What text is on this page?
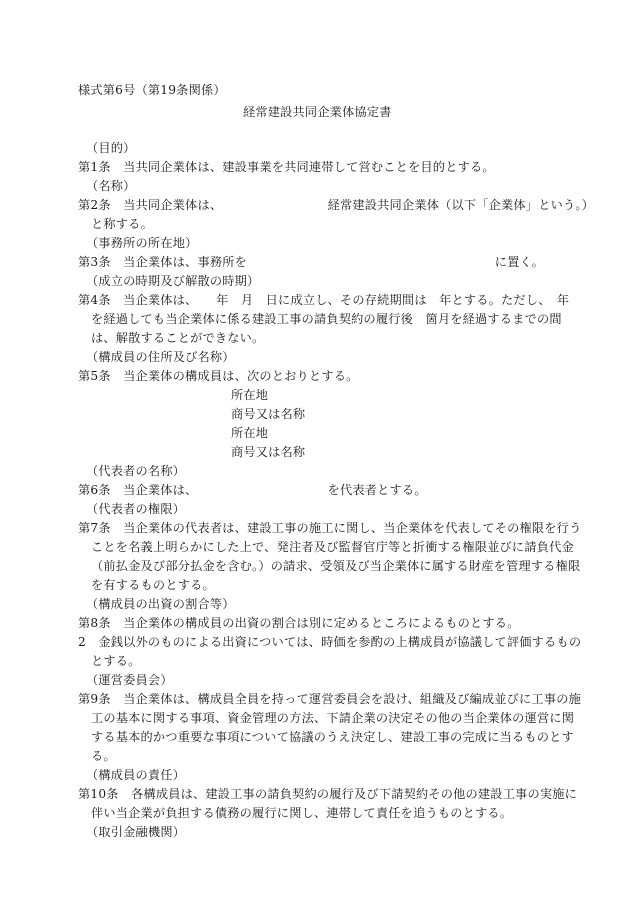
様式第6号（第19条関係）
経常建設共同企業体協定書
（目的）
第1条　当共同企業体は、建設事業を共同連帯して営むことを目的とする。
（名称）
第2条　当共同企業体は、　　　　　　　　　経常建設共同企業体（以下「企業体」という。）
と称する。
（事務所の所在地）
第3条　当企業体は、事務所を　　　　　　　　　　　　　　　　　　　　に置く。
（成立の時期及び解散の時期）
第4条　当企業体は、　　年　月　日に成立し、その存続期間は　年とする。ただし、　年
を経過しても当企業体に係る建設工事の請負契約の履行後　箇月を経過するまでの間
は、解散することができない。
（構成員の住所及び名称）
第5条　当企業体の構成員は、次のとおりとする。
所在地
商号又は名称
所在地
商号又は名称
（代表者の名称）
第6条　当企業体は、　　　　　　　　　　　を代表者とする。
（代表者の権限）
第7条　当企業体の代表者は、建設工事の施工に関し、当企業体を代表してその権限を行う
ことを名義上明らかにした上で、発注者及び監督官庁等と折衝する権限並びに請負代金
（前払金及び部分払金を含む。）の請求、受領及び当企業体に属する財産を管理する権限
を有するものとする。
（構成員の出資の割合等）
第8条　当企業体の構成員の出資の割合は別に定めるところによるものとする。
2　金銭以外のものによる出資については、時価を参酌の上構成員が協議して評価するもの
とする。
（運営委員会）
第9条　当企業体は、構成員全員を持って運営委員会を設け、組織及び編成並びに工事の施
工の基本に関する事項、資金管理の方法、下請企業の決定その他の当企業体の運営に関
する基本的かつ重要な事項について協議のうえ決定し、建設工事の完成に当るものとす
る。
（構成員の責任）
第10条　各構成員は、建設工事の請負契約の履行及び下請契約その他の建設工事の実施に
伴い当企業が負担する債務の履行に関し、連帯して責任を追うものとする。
（取引金融機関）
